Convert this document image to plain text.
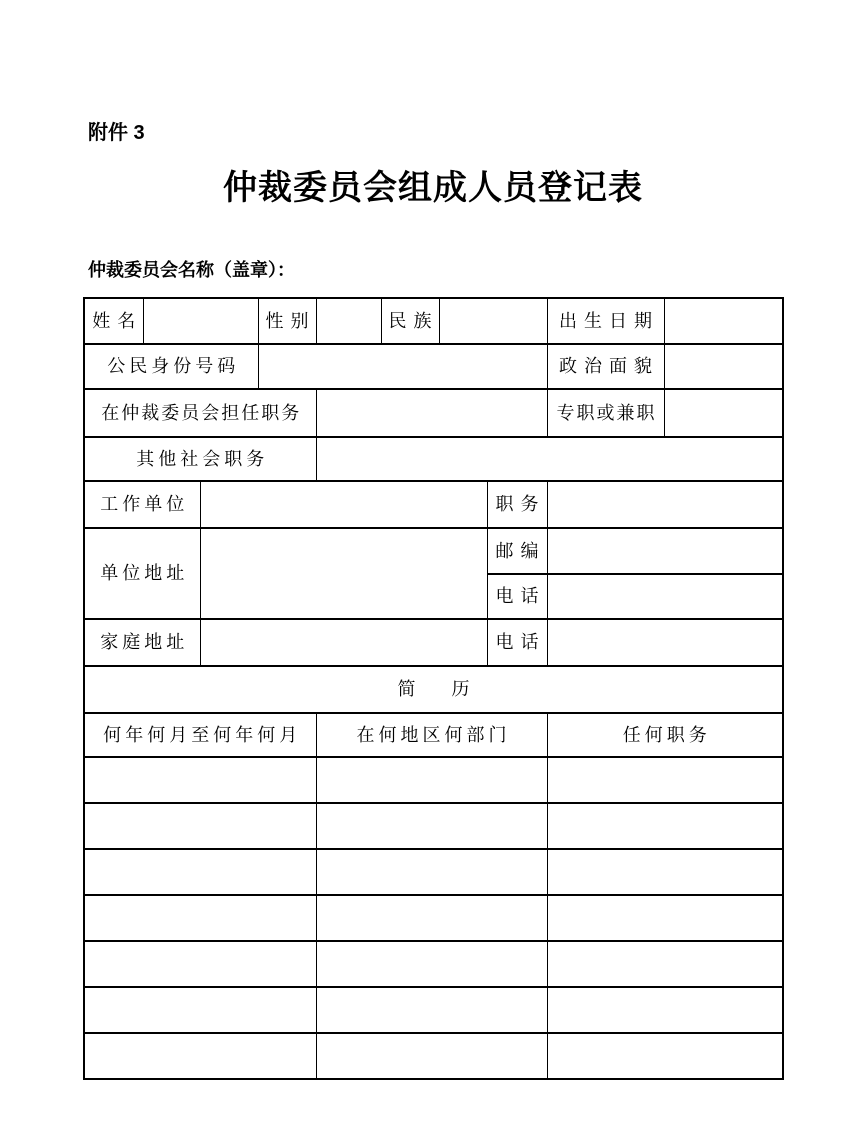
附件 3
仲裁委员会组成人员登记表
仲裁委员会名称（盖章）：
姓名			性别		民族			出生日期	
公民身份号码								政治面貌	
在仲裁委员会担任职务								专职或兼职	
其他社会职务									
工作单位							职务		
单位地址							邮编		
							电话		
家庭地址							电话		
简　　历									
何年何月至何年何月				在何地区何部门				任何职务	
